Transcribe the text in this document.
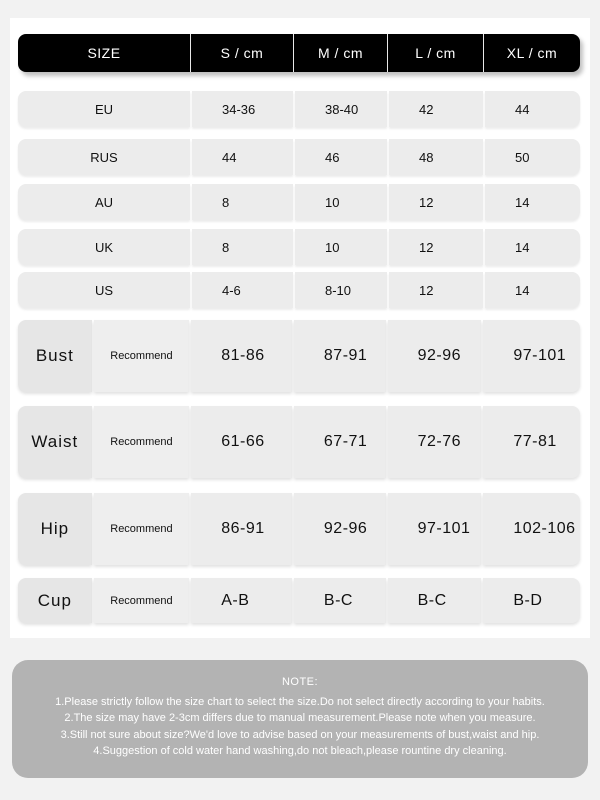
SIZE	S / cm	M / cm	L / cm	XL / cm
EU	34-36	38-40	42	44
RUS	44	46	48	50
AU	8	10	12	14
UK	8	10	12	14
US	4-6	8-10	12	14
Bust	Recommend	81-86	87-91	92-96	97-101
Waist	Recommend	61-66	67-71	72-76	77-81
Hip	Recommend	86-91	92-96	97-101	102-106
Cup	Recommend	A-B	B-C	B-C	B-D
NOTE:
1.Please strictly follow the size chart to select the size.Do not select directly according to your habits.
2.The size may have 2-3cm differs due to manual measurement.Please note when you measure.
3.Still not sure about size?We'd love to advise based on your measurements of bust,waist and hip.
4.Suggestion of cold water hand washing,do not bleach,please rountine dry cleaning.
